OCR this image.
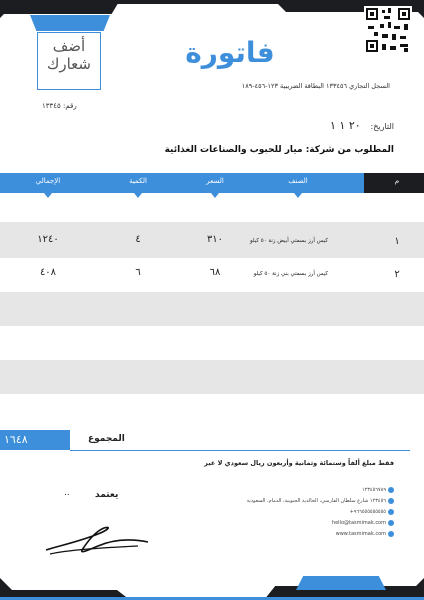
أضف
شعارك
رقم: ١٣٣٤٥
فاتورة
السجل التجاري ١٣٣٤٥٦ البطاقة الضريبية ١٢٣-٤٥٦-١٨٩
التاريخ:
٢٠ ١ ١
المطلوب من شركة: ميار للحبوب والصناعات الغذائية
م
الصنف
السعر
الكمية
الإجمالي
١
كيس أرز بسمتي أبيض زنة ٥٠ كيلو
٣١٠
٤
١٢٤٠
٢
كيس أرز بسمتي بني زنة ٥٠ كيلو
٦٨
٦
٤٠٨
١٦٤٨	المجموع
فقط مبلغ ألفاً وستمائة وثمانية وأربعون ريال سعودي لا غير
١٢٣٤٥٦٧٨٩
١٢٣٤٥٦ شارع سلطان الفارسي، الخالدية الجنوبية، الدمام، السعودية
+٩٦٦٥٥٥٥٥٥٥٥٥
hello@tasmimak.com
www.tasmimak.com
..	يعتمد
